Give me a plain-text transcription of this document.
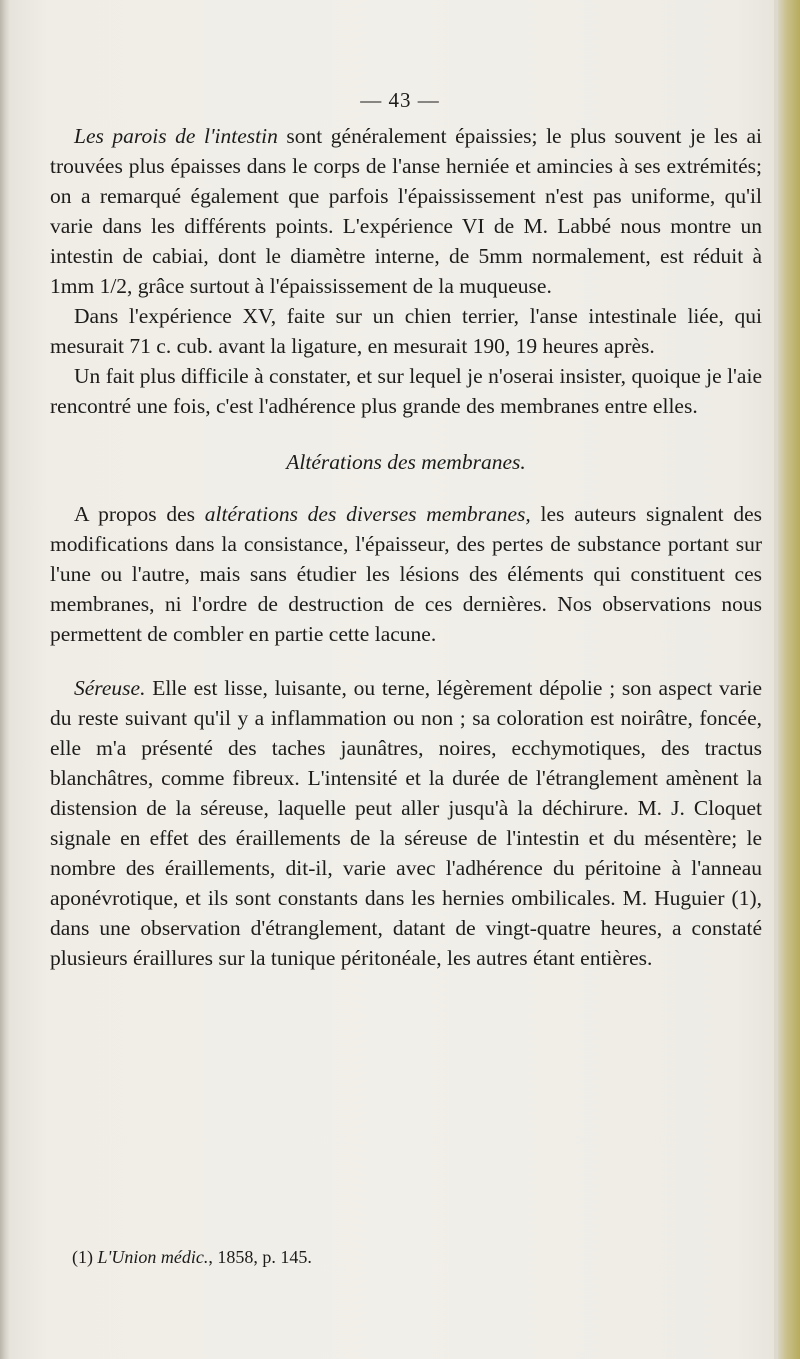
— 43 —

Les parois de l'intestin sont généralement épaissies; le plus souvent je les ai trouvées plus épaisses dans le corps de l'anse herniée et amincies à ses extrémités; on a remarqué également que parfois l'épaississement n'est pas uniforme, qu'il varie dans les différents points. L'expérience VI de M. Labbé nous montre un intestin de cabiai, dont le diamètre interne, de 5mm normalement, est réduit à 1mm 1/2, grâce surtout à l'épaississement de la muqueuse.

Dans l'expérience XV, faite sur un chien terrier, l'anse intestinale liée, qui mesurait 71 c. cub. avant la ligature, en mesurait 190, 19 heures après.

Un fait plus difficile à constater, et sur lequel je n'oserai insister, quoique je l'aie rencontré une fois, c'est l'adhérence plus grande des membranes entre elles.

Altérations des membranes.

A propos des altérations des diverses membranes, les auteurs signalent des modifications dans la consistance, l'épaisseur, des pertes de substance portant sur l'une ou l'autre, mais sans étudier les lésions des éléments qui constituent ces membranes, ni l'ordre de destruction de ces dernières. Nos observations nous permettent de combler en partie cette lacune.

Séreuse. Elle est lisse, luisante, ou terne, légèrement dépolie ; son aspect varie du reste suivant qu'il y a inflammation ou non ; sa coloration est noirâtre, foncée, elle m'a présenté des taches jaunâtres, noires, ecchymotiques, des tractus blanchâtres, comme fibreux. L'intensité et la durée de l'étranglement amènent la distension de la séreuse, laquelle peut aller jusqu'à la déchirure. M. J. Cloquet signale en effet des éraillements de la séreuse de l'intestin et du mésentère; le nombre des éraillements, dit-il, varie avec l'adhérence du péritoine à l'anneau aponévrotique, et ils sont constants dans les hernies ombilicales. M. Huguier (1), dans une observation d'étranglement, datant de vingt-quatre heures, a constaté plusieurs éraillures sur la tunique péritonéale, les autres étant entières.

(1) L'Union médic., 1858, p. 145.
